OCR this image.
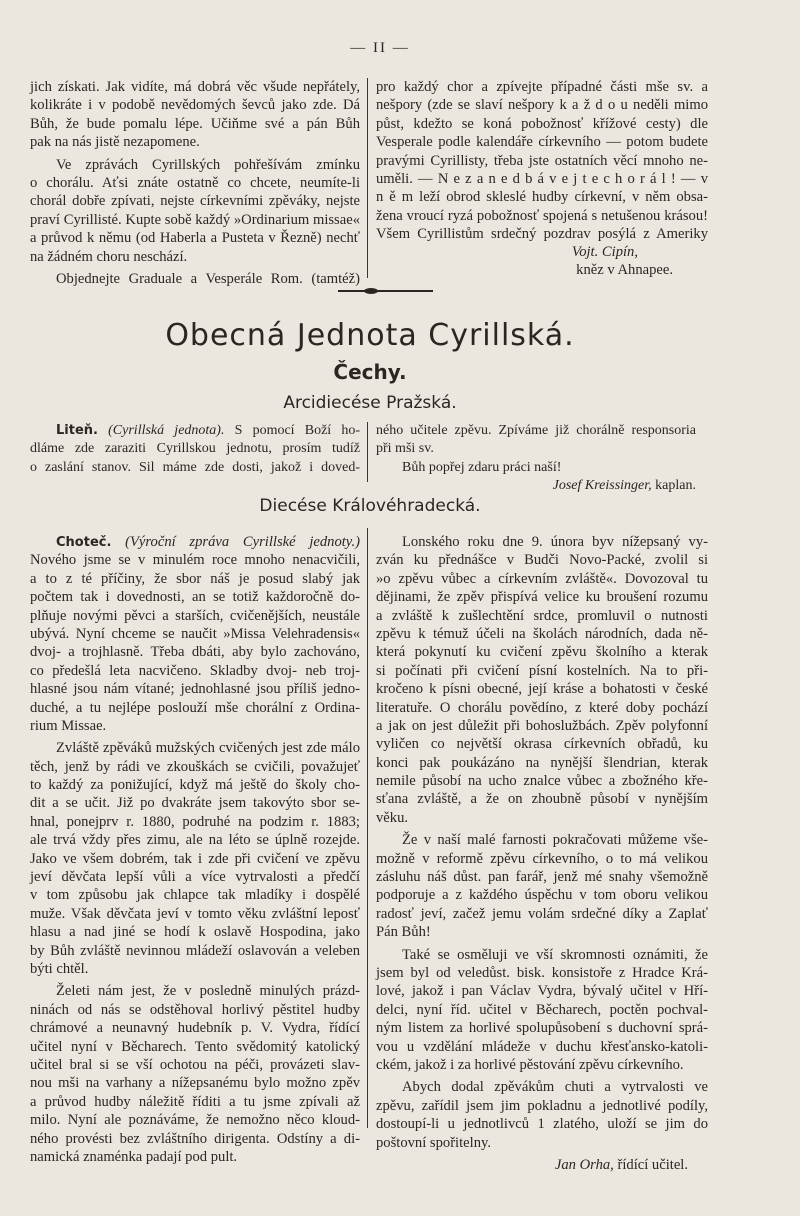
— II —
jich získati. Jak vidíte, má dobrá věc všude nepřátely,
kolikráte i v podobě nevědomých ševců jako zde. Dá
Bůh, že bude pomalu lépe. Učiňme své a pán Bůh
pak na nás jistě nezapomene.
Ve zprávách Cyrillských pohřešívám zmínku
o chorálu. Aťsi znáte ostatně co chcete, neumíte-li
chorál dobře zpívati, nejste církevními zpěváky, nejste
praví Cyrillisté. Kupte sobě každý »Ordinarium missae«
a průvod k němu (od Haberla a Pusteta v Řezně) nechť
na žádném choru neschází.
Objednejte Graduale a Vesperále Rom. (tamtéž)
pro každý chor a zpívejte případné části mše sv. a
nešpory (zde se slaví nešpory k a ž d o u neděli mimo
půst, kdežto se koná pobožnosť křížové cesty) dle
Vesperale podle kalendáře církevního — potom budete
pravými Cyrillisty, třeba jste ostatních věcí mnoho ne-
uměli. — N e z a n e d b á v e j t e c h o r á l ! — v
n ě m leží obrod skleslé hudby církevní, v něm obsa-
žena vroucí ryzá pobožnosť spojená s netušenou krásou!
Všem Cyrillistům srdečný pozdrav posýlá z Ameriky
Vojt. Cipín,
kněz v Ahnapee.
Obecná Jednota Cyrillská.
Čechy.
Arcidiecése Pražská.
Liteň. (Cyrillská jednota). S pomocí Boží ho-
dláme zde zaraziti Cyrillskou jednotu, prosím tudíž
o zaslání stanov. Sil máme zde dosti, jakož i doved-
ného učitele zpěvu. Zpíváme již chorálně responsoria
při mši sv.
Bůh popřej zdaru práci naší!
Josef Kreissinger, kaplan.
Diecése Královéhradecká.
Choteč. (Výroční zpráva Cyrillské jednoty.)
Nového jsme se v minulém roce mnoho nenacvičili,
a to z té příčiny, že sbor náš je posud slabý jak
počtem tak i dovednosti, an se totiž každoročně do-
plňuje novými pěvci a starších, cvičenějších, neustále
ubývá. Nyní chceme se naučit »Missa Velehradensis«
dvoj- a trojhlasně. Třeba dbáti, aby bylo zachováno,
co předešlá leta nacvičeno. Skladby dvoj- neb troj-
hlasné jsou nám vítané; jednohlasné jsou příliš jedno-
duché, a tu nejlépe poslouží mše chorální z Ordina-
rium Missae.
Zvláště zpěváků mužských cvičených jest zde málo
těch, jenž by rádi ve zkouškách se cvičili, považujeť
to každý za ponižující, když má ještě do školy cho-
dit a se učit. Již po dvakráte jsem takovýto sbor se-
hnal, ponejprv r. 1880, podruhé na podzim r. 1883;
ale trvá vždy přes zimu, ale na léto se úplně rozejde.
Jako ve všem dobrém, tak i zde při cvičení ve zpěvu
jeví děvčata lepší vůli a více vytrvalosti a předčí
v tom způsobu jak chlapce tak mladíky i dospělé
muže. Však děvčata jeví v tomto věku zvláštní leposť
hlasu a nad jiné se hodí k oslavě Hospodina, jako
by Bůh zvláště nevinnou mládeží oslavován a veleben
býti chtěl.
Želeti nám jest, že v posledně minulých prázd-
ninách od nás se odstěhoval horlivý pěstitel hudby
chrámové a neunavný hudebník p. V. Vydra, řídící
učitel nyní v Běcharech. Tento svědomitý katolický
učitel bral si se vší ochotou na péči, provázeti slav-
nou mši na varhany a nížepsanému bylo možno zpěv
a průvod hudby náležitě říditi a tu jsme zpívali až
milo. Nyní ale poznáváme, že nemožno něco kloud-
ného provésti bez zvláštního dirigenta. Odstíny a di-
namická znaménka padají pod pult.
Lonského roku dne 9. února byv nížepsaný vy-
zván ku přednášce v Budči Novo-Packé, zvolil si
»o zpěvu vůbec a církevním zvláště«. Dovozoval tu
dějinami, že zpěv přispívá velice ku broušení rozumu
a zvláště k zušlechtění srdce, promluvil o nutnosti
zpěvu k témuž účeli na školách národních, dada ně-
která pokynutí ku cvičení zpěvu školního a kterak
si počínati při cvičení písní kostelních. Na to při-
kročeno k písni obecné, její kráse a bohatosti v české
literatuře. O chorálu povědíno, z které doby pochází
a jak on jest důležit při bohoslužbách. Zpěv polyfonní
vyličen co největší okrasa církevních obřadů, ku
konci pak poukázáno na nynější šlendrian, kterak
nemile působí na ucho znalce vůbec a zbožného kře-
sťana zvláště, a že on zhoubně působí v nynějším
věku.
Že v naší malé farnosti pokračovati můžeme vše-
možně v reformě zpěvu církevního, o to má velikou
zásluhu náš důst. pan farář, jenž mé snahy všemožně
podporuje a z každého úspěchu v tom oboru velikou
radosť jeví, začež jemu volám srdečné díky a Zaplať
Pán Bůh!
Také se osměluji ve vší skromnosti oznámiti, že
jsem byl od veledůst. bisk. konsistoře z Hradce Krá-
lové, jakož i pan Václav Vydra, bývalý učitel v Hří-
delci, nyní říd. učitel v Běcharech, poctěn pochval-
ným listem za horlivé spolupůsobení s duchovní sprá-
vou u vzdělání mládeže v duchu křesťansko-katoli-
ckém, jakož i za horlivé pěstování zpěvu církevního.
Abych dodal zpěvákům chuti a vytrvalosti ve
zpěvu, zařídil jsem jim pokladnu a jednotlivé podíly,
dostoupí-li u jednotlivců 1 zlatého, uloží se jim do
poštovní spořitelny.
Jan Orha, řídící učitel.
